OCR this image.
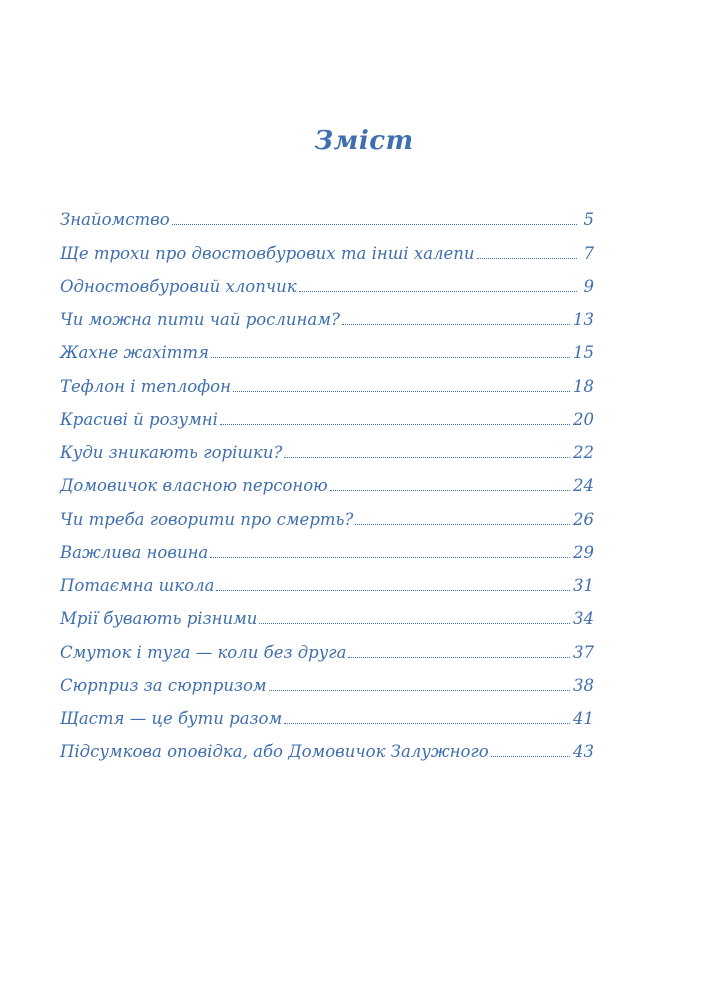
Зміст
Знайомство	5
Ще трохи про двостовбурових та інші халепи	7
Одностовбуровий хлопчик	9
Чи можна пити чай рослинам?	13
Жахне жахіття	15
Тефлон і теплофон	18
Красиві й розумні	20
Куди зникають горішки?	22
Домовичок власною персоною	24
Чи треба говорити про смерть?	26
Важлива новина	29
Потаємна школа	31
Мрії бувають різними	34
Смуток і туга — коли без друга	37
Сюрприз за сюрпризом	38
Щастя — це бути разом	41
Підсумкова оповідка, або Домовичок Залужного	43
